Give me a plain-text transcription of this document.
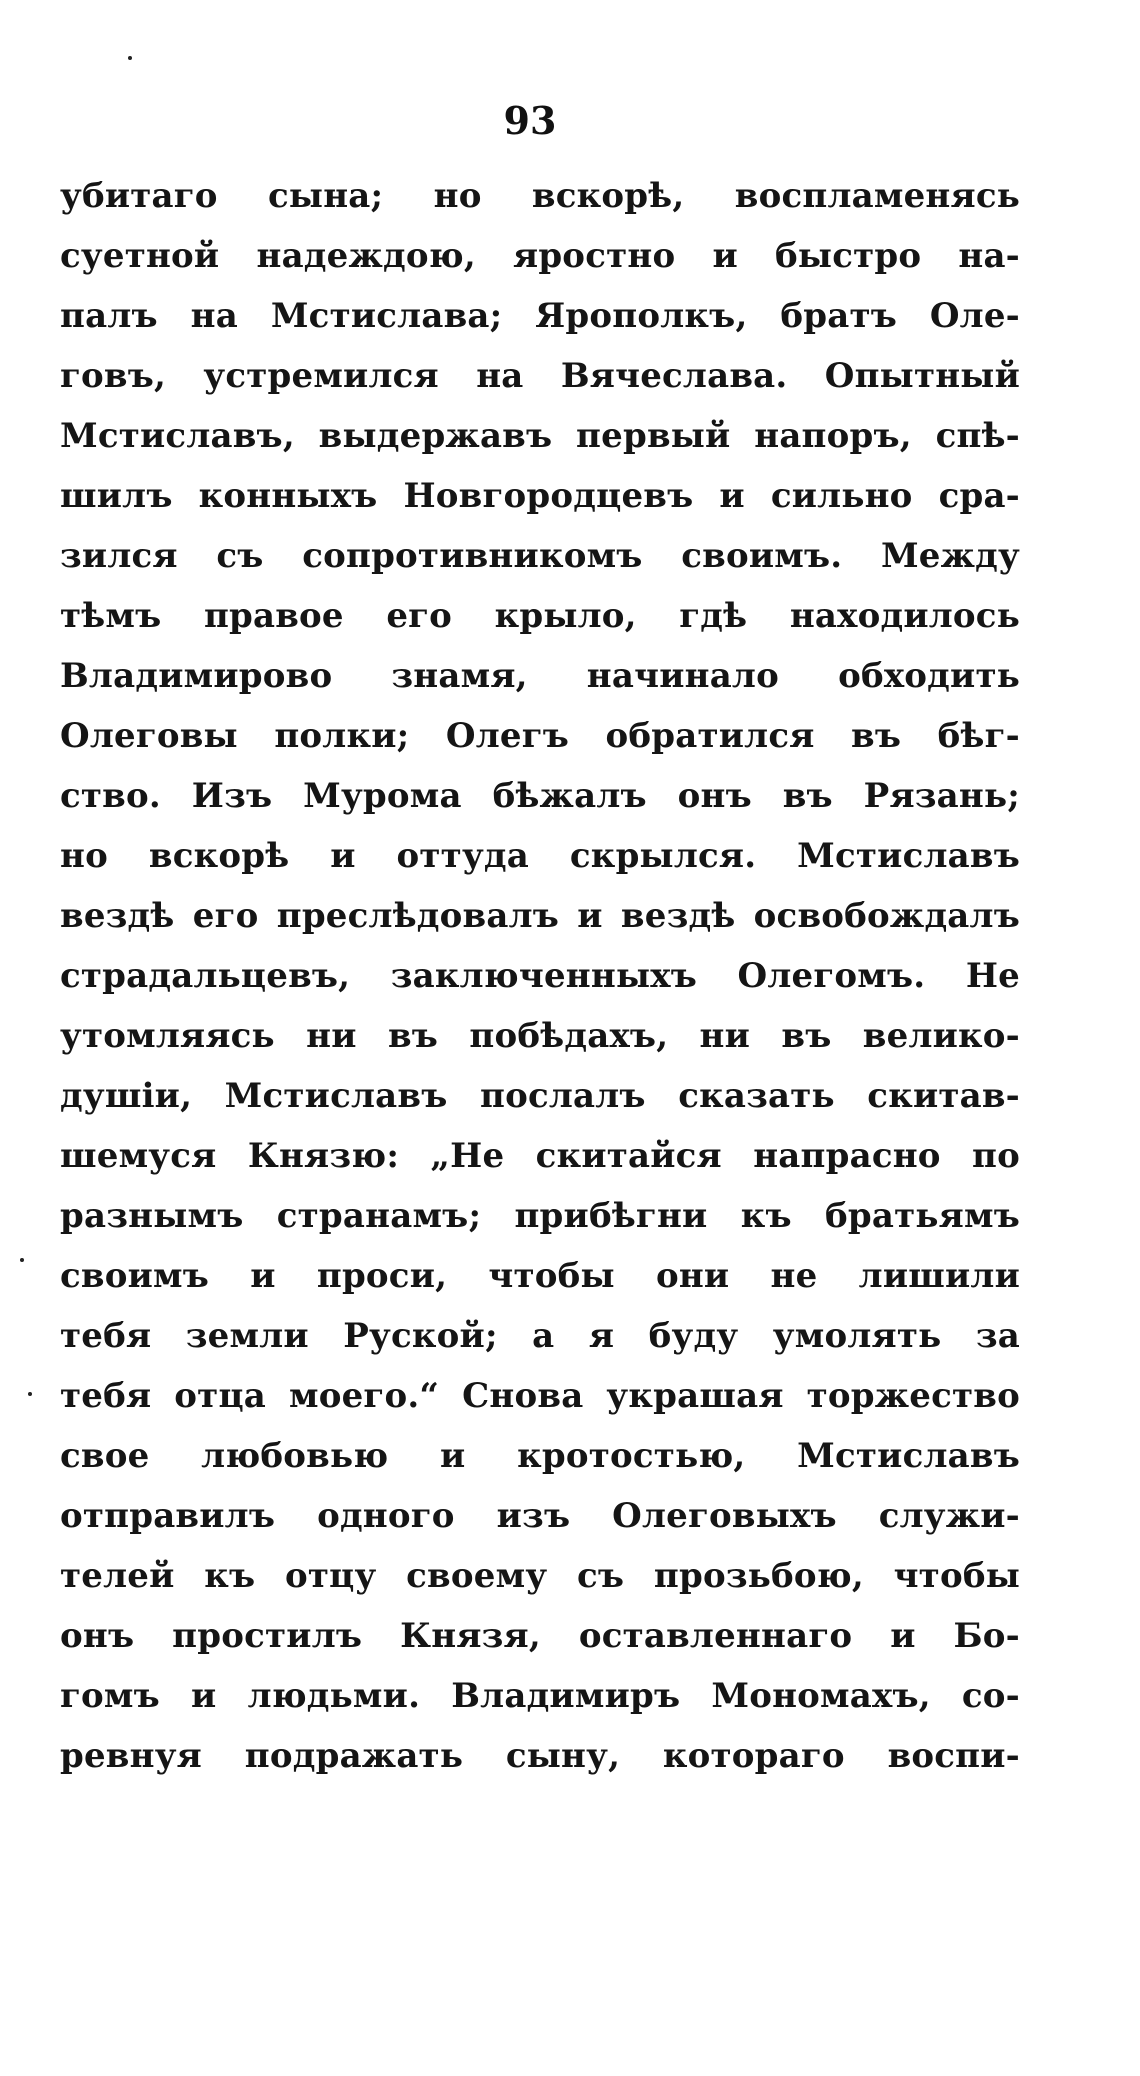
93
убитаго сына; но вскорѣ, воспламенясь
суетной надеждою, яростно и быстро на-
палъ на Мстислава; Ярополкъ, братъ Оле-
говъ, устремился на Вячеслава. Опытный
Мстиславъ, выдержавъ первый напоръ, спѣ-
шилъ конныхъ Новгородцевъ и сильно сра-
зился съ сопротивникомъ своимъ. Между
тѣмъ правое его крыло, гдѣ находилось
Владимирово знамя, начинало обходить
Олеговы полки; Олегъ обратился въ бѣг-
ство. Изъ Мурома бѣжалъ онъ въ Рязань;
но вскорѣ и оттуда скрылся. Мстиславъ
вездѣ его преслѣдовалъ и вездѣ освобождалъ
страдальцевъ, заключенныхъ Олегомъ. Не
утомляясь ни въ побѣдахъ, ни въ велико-
душіи, Мстиславъ послалъ сказать скитав-
шемуся Князю: „Не скитайся напрасно по
разнымъ странамъ; прибѣгни къ братьямъ
своимъ и проси, чтобы они не лишили
тебя земли Руской; а я буду умолять за
тебя отца моего.“ Снова украшая торжество
свое любовью и кротостью, Мстиславъ
отправилъ одного изъ Олеговыхъ служи-
телей къ отцу своему съ прозьбою, чтобы
онъ простилъ Князя, оставленнаго и Бо-
гомъ и людьми. Владимиръ Мономахъ, со-
ревнуя подражать сыну, котораго воспи-
